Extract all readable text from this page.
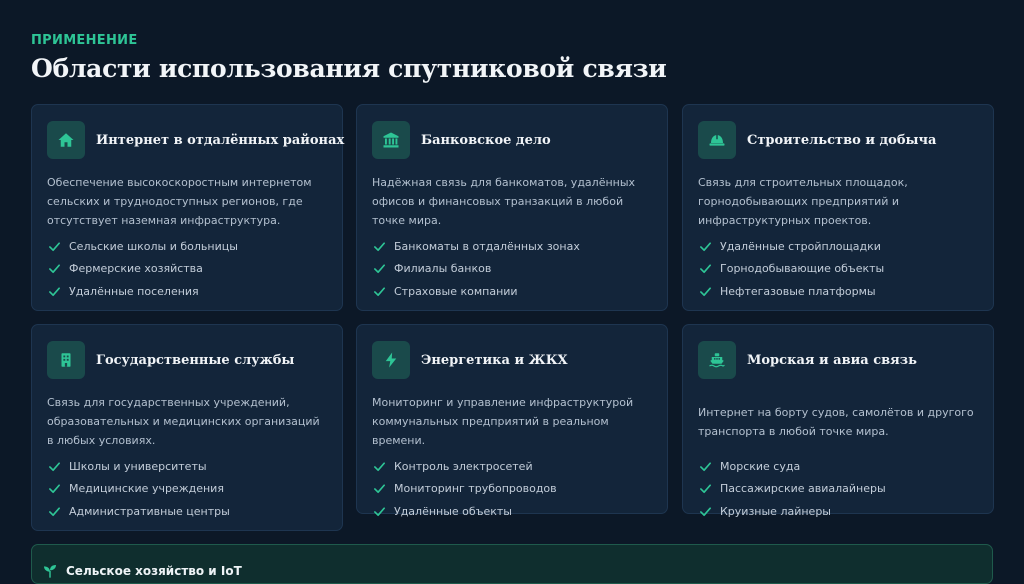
ПРИМЕНЕНИЕ
Области использования спутниковой связи
Интернет в отдалённых районах
Обеспечение высокоскоростным интернетом сельских и труднодоступных регионов, где отсутствует наземная инфраструктура.
Сельские школы и больницы
Фермерские хозяйства
Удалённые поселения
Банковское дело
Надёжная связь для банкоматов, удалённых офисов и финансовых транзакций в любой точке мира.
Банкоматы в отдалённых зонах
Филиалы банков
Страховые компании
Строительство и добыча
Связь для строительных площадок, горнодобывающих предприятий и инфраструктурных проектов.
Удалённые стройплощадки
Горнодобывающие объекты
Нефтегазовые платформы
Государственные службы
Связь для государственных учреждений, образовательных и медицинских организаций в любых условиях.
Школы и университеты
Медицинские учреждения
Административные центры
Энергетика и ЖКХ
Мониторинг и управление инфраструктурой коммунальных предприятий в реальном времени.
Контроль электросетей
Мониторинг трубопроводов
Удалённые объекты
Морская и авиа связь
Интернет на борту судов, самолётов и другого транспорта в любой точке мира.
Морские суда
Пассажирские авиалайнеры
Круизные лайнеры
Сельское хозяйство и IoT
